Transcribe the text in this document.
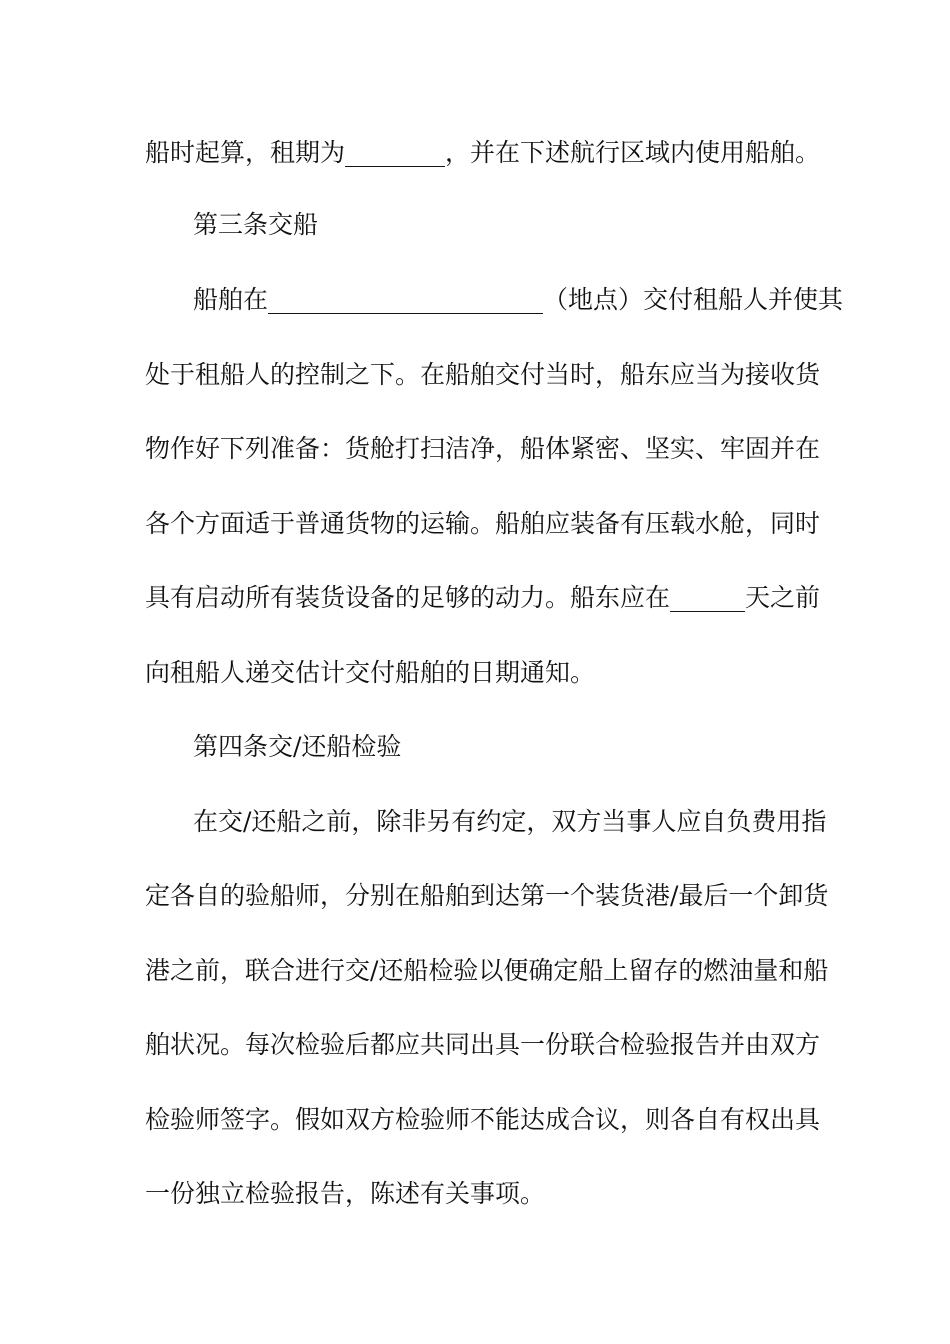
船时起算，租期为________，并在下述航行区域内使用船舶。
第三条交船
船舶在______________________（地点）交付租船人并使其
处于租船人的控制之下。在船舶交付当时，船东应当为接收货
物作好下列准备：货舱打扫洁净，船体紧密、坚实、牢固并在
各个方面适于普通货物的运输。船舶应装备有压载水舱，同时
具有启动所有装货设备的足够的动力。船东应在______天之前
向租船人递交估计交付船舶的日期通知。
第四条交/还船检验
在交/还船之前，除非另有约定，双方当事人应自负费用指
定各自的验船师，分别在船舶到达第一个装货港/最后一个卸货
港之前，联合进行交/还船检验以便确定船上留存的燃油量和船
舶状况。每次检验后都应共同出具一份联合检验报告并由双方
检验师签字。假如双方检验师不能达成合议，则各自有权出具
一份独立检验报告，陈述有关事项。
